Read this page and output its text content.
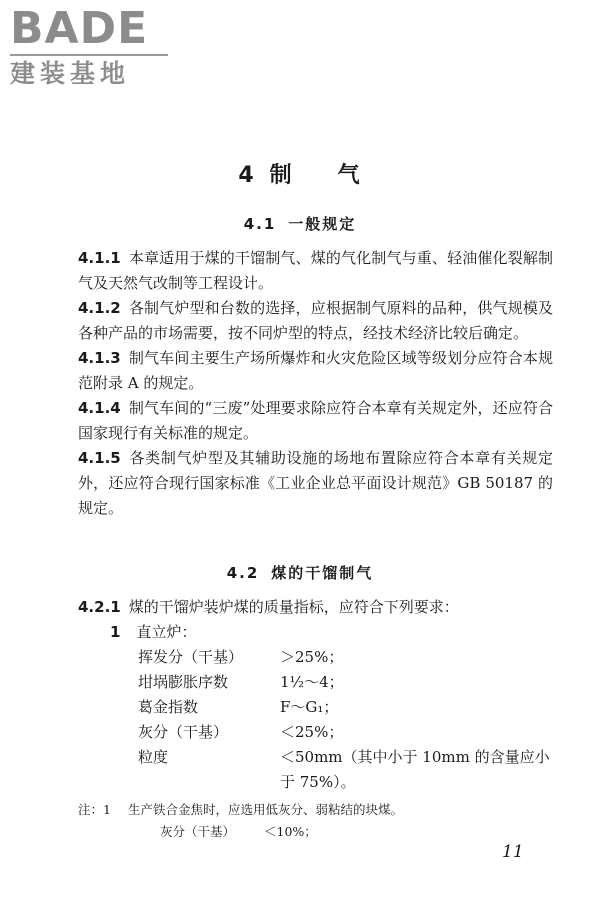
BADE
建装基地
4 制 气
4.1 一般规定

4.1.1 本章适用于煤的干馏制气、煤的气化制气与重、轻油催化裂解制气及天然气改制等工程设计。

4.1.2 各制气炉型和台数的选择，应根据制气原料的品种，供气规模及各种产品的市场需要，按不同炉型的特点，经技术经济比较后确定。

4.1.3 制气车间主要生产场所爆炸和火灾危险区域等级划分应符合本规范附录 A 的规定。

4.1.4 制气车间的“三废”处理要求除应符合本章有关规定外，还应符合国家现行有关标准的规定。

4.1.5 各类制气炉型及其辅助设施的场地布置除应符合本章有关规定外，还应符合现行国家标准《工业企业总平面设计规范》GB 50187 的规定。

4.2 煤的干馏制气

4.2.1 煤的干馏炉装炉煤的质量指标，应符合下列要求：

1 直立炉：
挥发分（干基）	＞25%；
坩埚膨胀序数	1½～4；
葛金指数	F～G₁；
灰分（干基）	＜25%；
粒度	＜50mm（其中小于 10mm 的含量应小于 75%）。
注：1 生产铁合金焦时，应选用低灰分、弱粘结的块煤。
灰分（干基）	＜10%；
11
